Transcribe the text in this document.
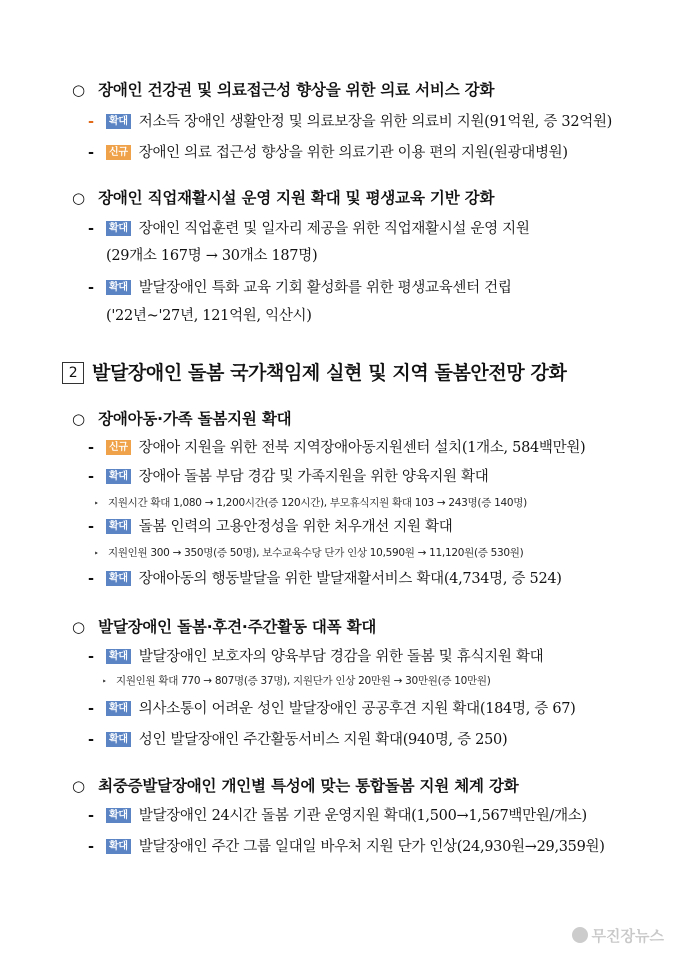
○ 장애인 건강권 및 의료접근성 향상을 위한 의료 서비스 강화
- 확대 저소득 장애인 생활안정 및 의료보장을 위한 의료비 지원(91억원, 증 32억원)
- 신규 장애인 의료 접근성 향상을 위한 의료기관 이용 편의 지원(원광대병원)
○ 장애인 직업재활시설 운영 지원 확대 및 평생교육 기반 강화
- 확대 장애인 직업훈련 및 일자리 제공을 위한 직업재활시설 운영 지원
(29개소 167명 → 30개소 187명)
- 확대 발달장애인 특화 교육 기회 활성화를 위한 평생교육센터 건립
('22년~'27년, 121억원, 익산시)
2 발달장애인 돌봄 국가책임제 실현 및 지역 돌봄안전망 강화
○ 장애아동·가족 돌봄지원 확대
- 신규 장애아 지원을 위한 전북 지역장애아동지원센터 설치(1개소, 584백만원)
- 확대 장애아 돌봄 부담 경감 및 가족지원을 위한 양육지원 확대
‣ 지원시간 확대 1,080 → 1,200시간(증 120시간), 부모휴식지원 확대 103 → 243명(증 140명)
- 확대 돌봄 인력의 고용안정성을 위한 처우개선 지원 확대
‣ 지원인원 300 → 350명(증 50명), 보수교육수당 단가 인상 10,590원 → 11,120원(증 530원)
- 확대 장애아동의 행동발달을 위한 발달재활서비스 확대(4,734명, 증 524)
○ 발달장애인 돌봄·후견·주간활동 대폭 확대
- 확대 발달장애인 보호자의 양육부담 경감을 위한 돌봄 및 휴식지원 확대
‣ 지원인원 확대 770 → 807명(증 37명), 지원단가 인상 20만원 → 30만원(증 10만원)
- 확대 의사소통이 어려운 성인 발달장애인 공공후견 지원 확대(184명, 증 67)
- 확대 성인 발달장애인 주간활동서비스 지원 확대(940명, 증 250)
○ 최중증발달장애인 개인별 특성에 맞는 통합돌봄 지원 체계 강화
- 확대 발달장애인 24시간 돌봄 기관 운영지원 확대(1,500→1,567백만원/개소)
- 확대 발달장애인 주간 그룹 일대일 바우처 지원 단가 인상(24,930원→29,359원)
무진장뉴스
